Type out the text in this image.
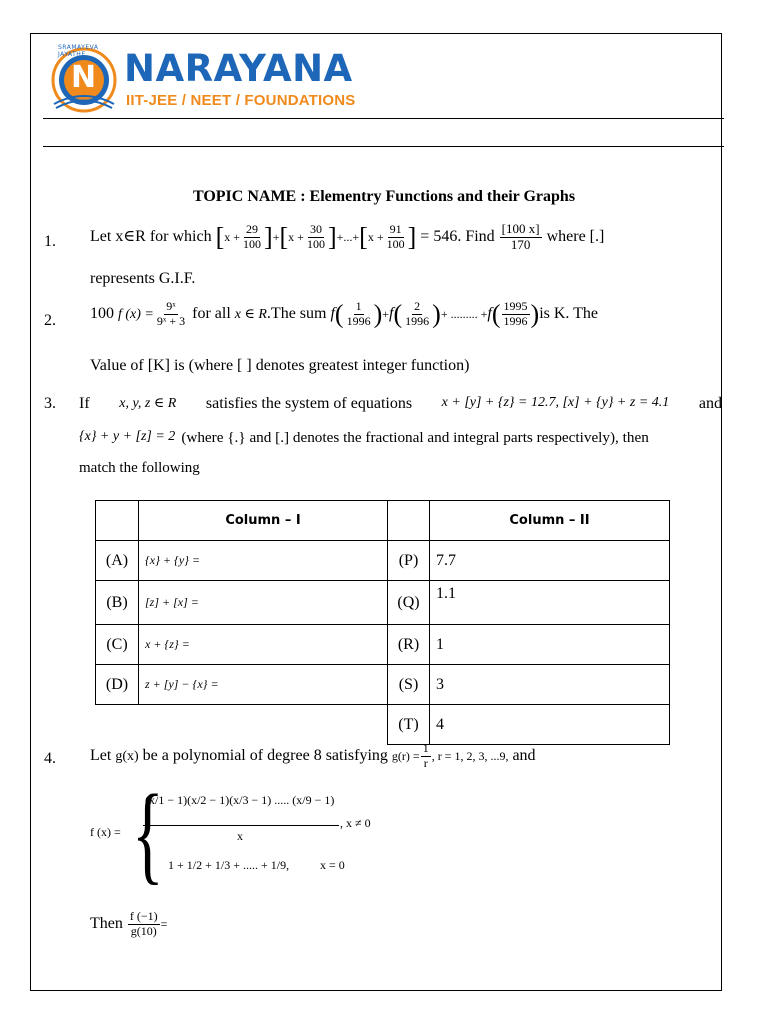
N
SRAMAYEVA JAYATHE	NARAYANA
IIT-JEE / NEET / FOUNDATIONS
TOPIC NAME : Elementry Functions and their Graphs
1. Let x∈R for which $[x + \frac{29}{100} ]+[x + \frac{30}{100} ]+...+[x + \frac{91}{100}$ ] = 546. Find $\frac{[100 x]}{170}$ where [.]
represents G.I.F.
2. 100 f $(x) = \frac{\text{9ˣ}}{\text{9ˣ + 3}}$ for all x ∈ R.The sum $f( \frac{1}{1996} )+f( \frac{2}{1996}$ )+ ......... $+f( \frac{1995}{1996} )is$ K. The
Value of [K] is (where [ ] denotes greatest integer function)
3. If x, y, z ∈ R satisfies the system of equations x + [y] + {z} = 12.7, [x] + {y} + z = 4.1 and
{x} + y + [z] = 2 (where {.} and [.] denotes the fractional and integral parts respectively), then
match the following
	Column – I		Column – II
(A)	{x} + {y} =	(P)	7.7
(B)	[z] + [x] =	(Q)	1.1
(C)	x + {z} =	(R)	1
(D)	z + [y] − {x} =	(S)	3
		(T)	4
4. Let g(x) be a polynomial of degree 8 satisfying $g(r) = \frac{1}{r}$ , r = 1, 2, 3, ...9, and
f (x) = {
(x/1 − 1)(x/2 − 1)(x/3 − 1) ..... (x/9 − 1)
x
, x ≠ 0
1 + 1/2 + 1/3 + ..... + 1/9,	x = 0
Then $\frac{f (-1)}{g(10)}$ =
